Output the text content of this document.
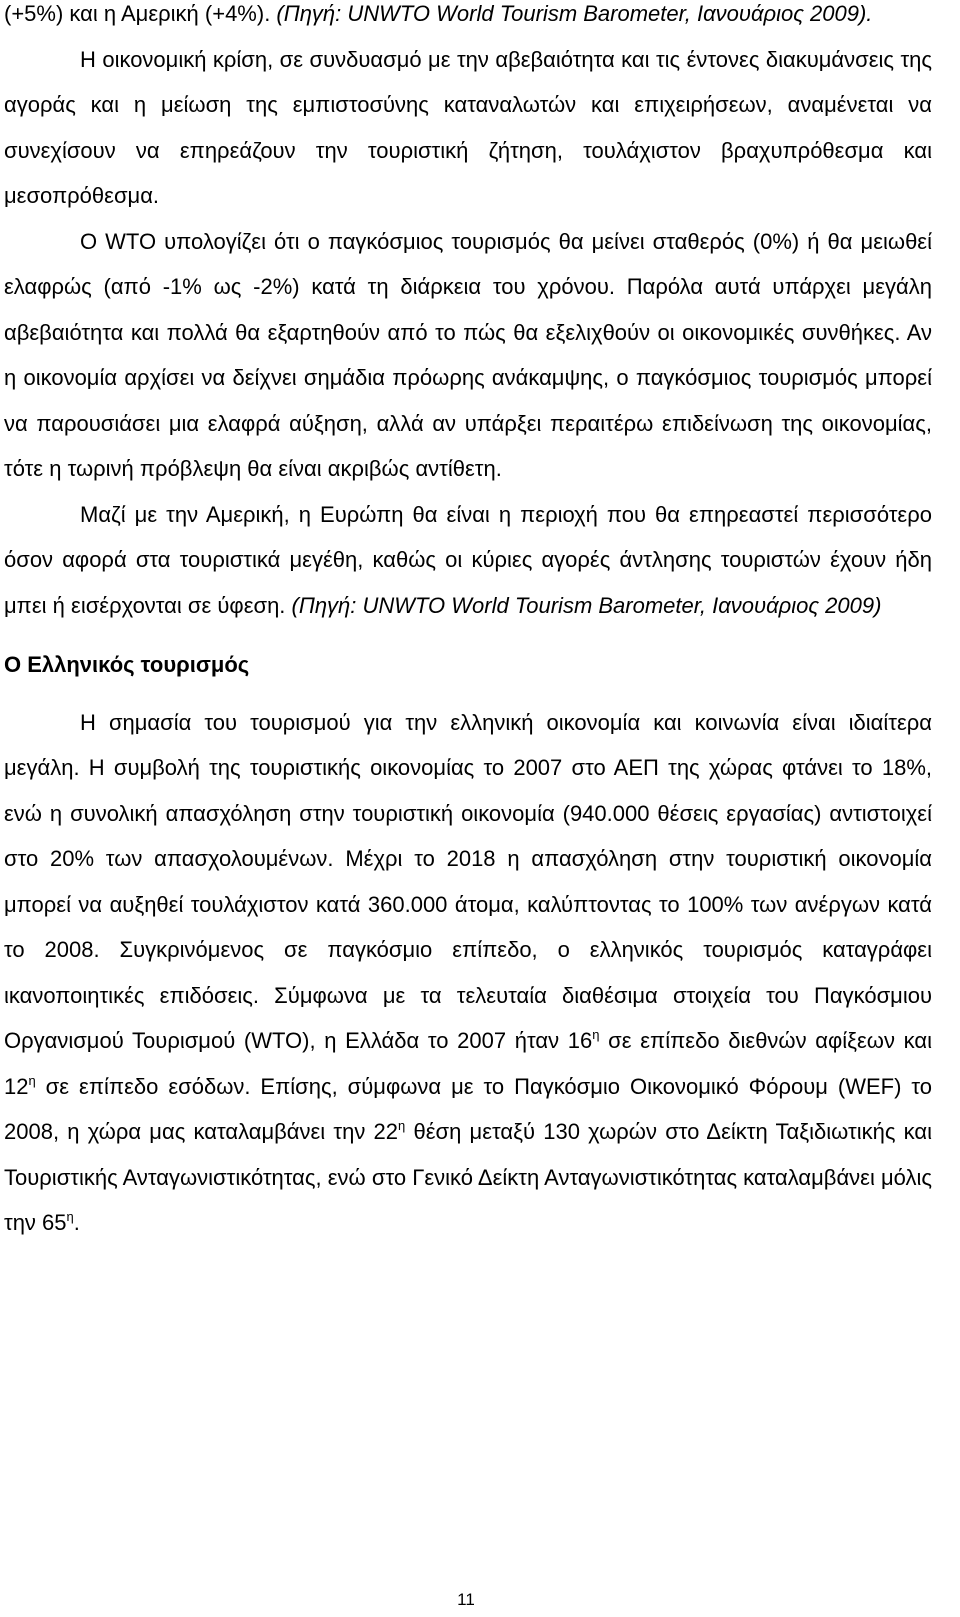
(+5%) και η Αμερική (+4%). (Πηγή: UNWTO World Tourism Barometer, Ιανουάριος 2009).

Η οικονομική κρίση, σε συνδυασμό με την αβεβαιότητα και τις έντονες διακυμάνσεις της αγοράς και η μείωση της εμπιστοσύνης καταναλωτών και επιχειρήσεων, αναμένεται να συνεχίσουν να επηρεάζουν την τουριστική ζήτηση, τουλάχιστον βραχυπρόθεσμα και μεσοπρόθεσμα.

Ο WTO υπολογίζει ότι ο παγκόσμιος τουρισμός θα μείνει σταθερός (0%) ή θα μειωθεί ελαφρώς (από -1% ως -2%) κατά τη διάρκεια του χρόνου. Παρόλα αυτά υπάρχει μεγάλη αβεβαιότητα και πολλά θα εξαρτηθούν από το πώς θα εξελιχθούν οι οικονομικές συνθήκες. Αν η οικονομία αρχίσει να δείχνει σημάδια πρόωρης ανάκαμψης, ο παγκόσμιος τουρισμός μπορεί να παρουσιάσει μια ελαφρά αύξηση, αλλά αν υπάρξει περαιτέρω επιδείνωση της οικονομίας, τότε η τωρινή πρόβλεψη θα είναι ακριβώς αντίθετη.

Μαζί με την Αμερική, η Ευρώπη θα είναι η περιοχή που θα επηρεαστεί περισσότερο όσον αφορά στα τουριστικά μεγέθη, καθώς οι κύριες αγορές άντλησης τουριστών έχουν ήδη μπει ή εισέρχονται σε ύφεση. (Πηγή: UNWTO World Tourism Barometer, Ιανουάριος 2009)

Ο Ελληνικός τουρισμός

Η σημασία του τουρισμού για την ελληνική οικονομία και κοινωνία είναι ιδιαίτερα μεγάλη. Η συμβολή της τουριστικής οικονομίας το 2007 στο ΑΕΠ της χώρας φτάνει το 18%, ενώ η συνολική απασχόληση στην τουριστική οικονομία (940.000 θέσεις εργασίας) αντιστοιχεί στο 20% των απασχολουμένων. Μέχρι το 2018 η απασχόληση στην τουριστική οικονομία μπορεί να αυξηθεί τουλάχιστον κατά 360.000 άτομα, καλύπτοντας το 100% των ανέργων κατά το 2008. Συγκρινόμενος σε παγκόσμιο επίπεδο, ο ελληνικός τουρισμός καταγράφει ικανοποιητικές επιδόσεις. Σύμφωνα με τα τελευταία διαθέσιμα στοιχεία του Παγκόσμιου Οργανισμού Τουρισμού (WTO), η Ελλάδα το 2007 ήταν $16^\eta$ σε επίπεδο διεθνών αφίξεων και $12^\eta$ σε επίπεδο εσόδων. Επίσης, σύμφωνα με το Παγκόσμιο Οικονομικό Φόρουμ (WEF) το 2008, η χώρα μας καταλαμβάνει την $22^\eta$ θέση μεταξύ 130 χωρών στο Δείκτη Ταξιδιωτικής και Τουριστικής Ανταγωνιστικότητας, ενώ στο Γενικό Δείκτη Ανταγωνιστικότητας καταλαμβάνει μόλις την $65^\eta$.

11
